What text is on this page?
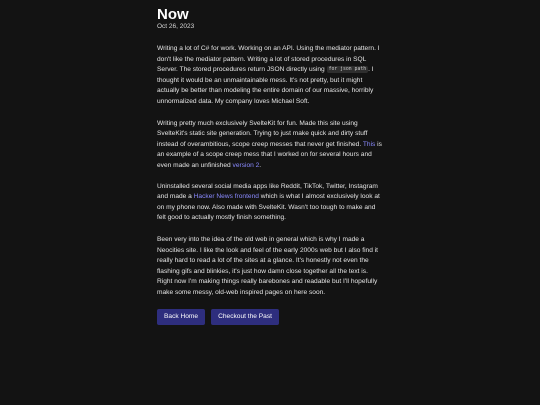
Now
Oct 26, 2023

Writing a lot of C# for work. Working on an API. Using the mediator pattern. I don't like the mediator pattern. Writing a lot of stored procedures in SQL Server. The stored procedures return JSON directly using for json path . I thought it would be an unmaintainable mess. It's not pretty, but it might actually be better than modeling the entire domain of our massive, horribly unnormalized data. My company loves Michael Soft.

Writing pretty much exclusively SvelteKit for fun. Made this site using SvelteKit's static site generation. Trying to just make quick and dirty stuff instead of overambitious, scope creep messes that never get finished. This is an example of a scope creep mess that I worked on for several hours and even made an unfinished version 2.

Uninstalled several social media apps like Reddit, TikTok, Twitter, Instagram and made a Hacker News frontend which is what I almost exclusively look at on my phone now. Also made with SvelteKit. Wasn't too tough to make and felt good to actually mostly finish something.

Been very into the idea of the old web in general which is why I made a Neocities site. I like the look and feel of the early 2000s web but I also find it really hard to read a lot of the sites at a glance. It's honestly not even the flashing gifs and blinkies, it's just how damn close together all the text is. Right now I'm making things really barebones and readable but I'll hopefully make some messy, old-web inspired pages on here soon.

Back Home	Checkout the Past
